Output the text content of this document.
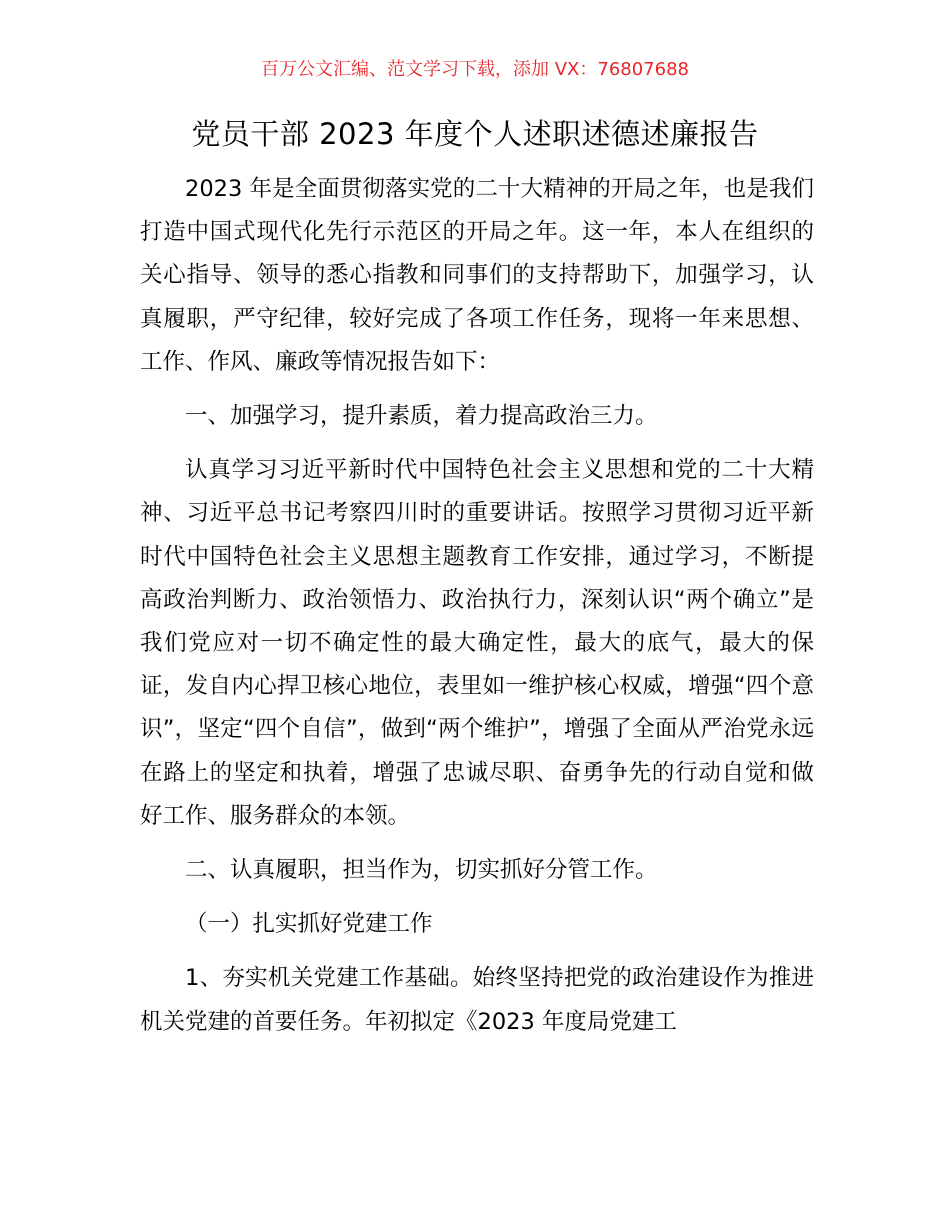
百万公文汇编、范文学习下载，添加 VX：76807688
党员干部 2023 年度个人述职述德述廉报告

2023 年是全面贯彻落实党的二十大精神的开局之年，也是我们打造中国式现代化先行示范区的开局之年。这一年，本人在组织的关心指导、领导的悉心指教和同事们的支持帮助下，加强学习，认真履职，严守纪律，较好完成了各项工作任务，现将一年来思想、工作、作风、廉政等情况报告如下：

一、加强学习，提升素质，着力提高政治三力。

认真学习习近平新时代中国特色社会主义思想和党的二十大精神、习近平总书记考察四川时的重要讲话。按照学习贯彻习近平新时代中国特色社会主义思想主题教育工作安排，通过学习，不断提高政治判断力、政治领悟力、政治执行力，深刻认识“两个确立”是我们党应对一切不确定性的最大确定性，最大的底气，最大的保证，发自内心捍卫核心地位，表里如一维护核心权威，增强“四个意识”，坚定“四个自信”，做到“两个维护”，增强了全面从严治党永远在路上的坚定和执着，增强了忠诚尽职、奋勇争先的行动自觉和做好工作、服务群众的本领。

二、认真履职，担当作为，切实抓好分管工作。

（一）扎实抓好党建工作

1、夯实机关党建工作基础。始终坚持把党的政治建设作为推进机关党建的首要任务。年初拟定《2023 年度局党建工
